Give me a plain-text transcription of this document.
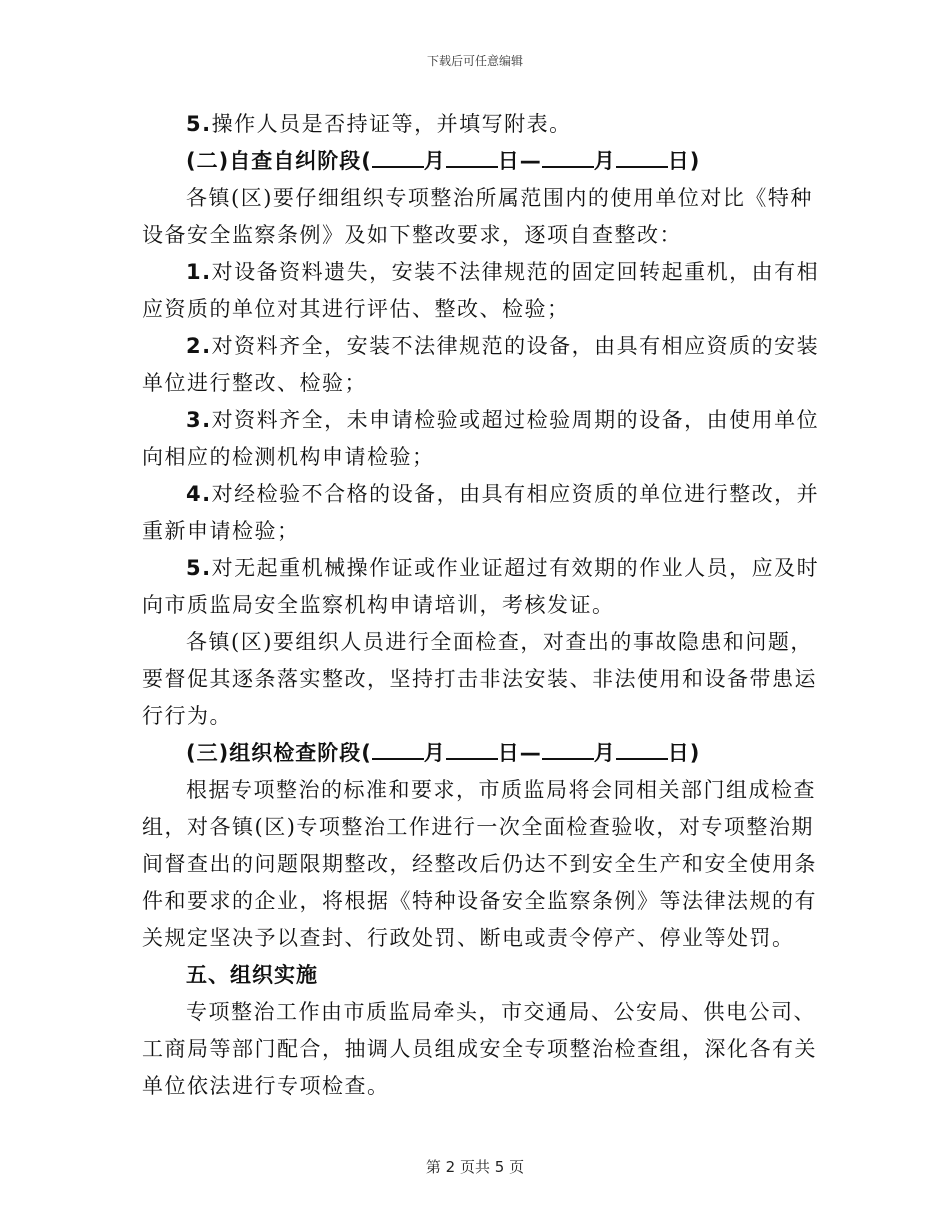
下载后可任意编辑
5.操作人员是否持证等，并填写附表。
(二)自查自纠阶段( 月 日— 月 日)
各镇(区)要仔细组织专项整治所属范围内的使用单位对比《特种
设备安全监察条例》及如下整改要求，逐项自查整改：
1.对设备资料遗失，安装不法律规范的固定回转起重机，由有相
应资质的单位对其进行评估、整改、检验；
2.对资料齐全，安装不法律规范的设备，由具有相应资质的安装
单位进行整改、检验；
3.对资料齐全，未申请检验或超过检验周期的设备，由使用单位
向相应的检测机构申请检验；
4.对经检验不合格的设备，由具有相应资质的单位进行整改，并
重新申请检验；
5.对无起重机械操作证或作业证超过有效期的作业人员，应及时
向市质监局安全监察机构申请培训，考核发证。
各镇(区)要组织人员进行全面检查，对查出的事故隐患和问题，
要督促其逐条落实整改，坚持打击非法安装、非法使用和设备带患运
行行为。
(三)组织检查阶段( 月 日— 月 日)
根据专项整治的标准和要求，市质监局将会同相关部门组成检查
组，对各镇(区)专项整治工作进行一次全面检查验收，对专项整治期
间督查出的问题限期整改，经整改后仍达不到安全生产和安全使用条
件和要求的企业，将根据《特种设备安全监察条例》等法律法规的有
关规定坚决予以查封、行政处罚、断电或责令停产、停业等处罚。
五、组织实施
专项整治工作由市质监局牵头，市交通局、公安局、供电公司、
工商局等部门配合，抽调人员组成安全专项整治检查组，深化各有关
单位依法进行专项检查。
第 2 页共 5 页
